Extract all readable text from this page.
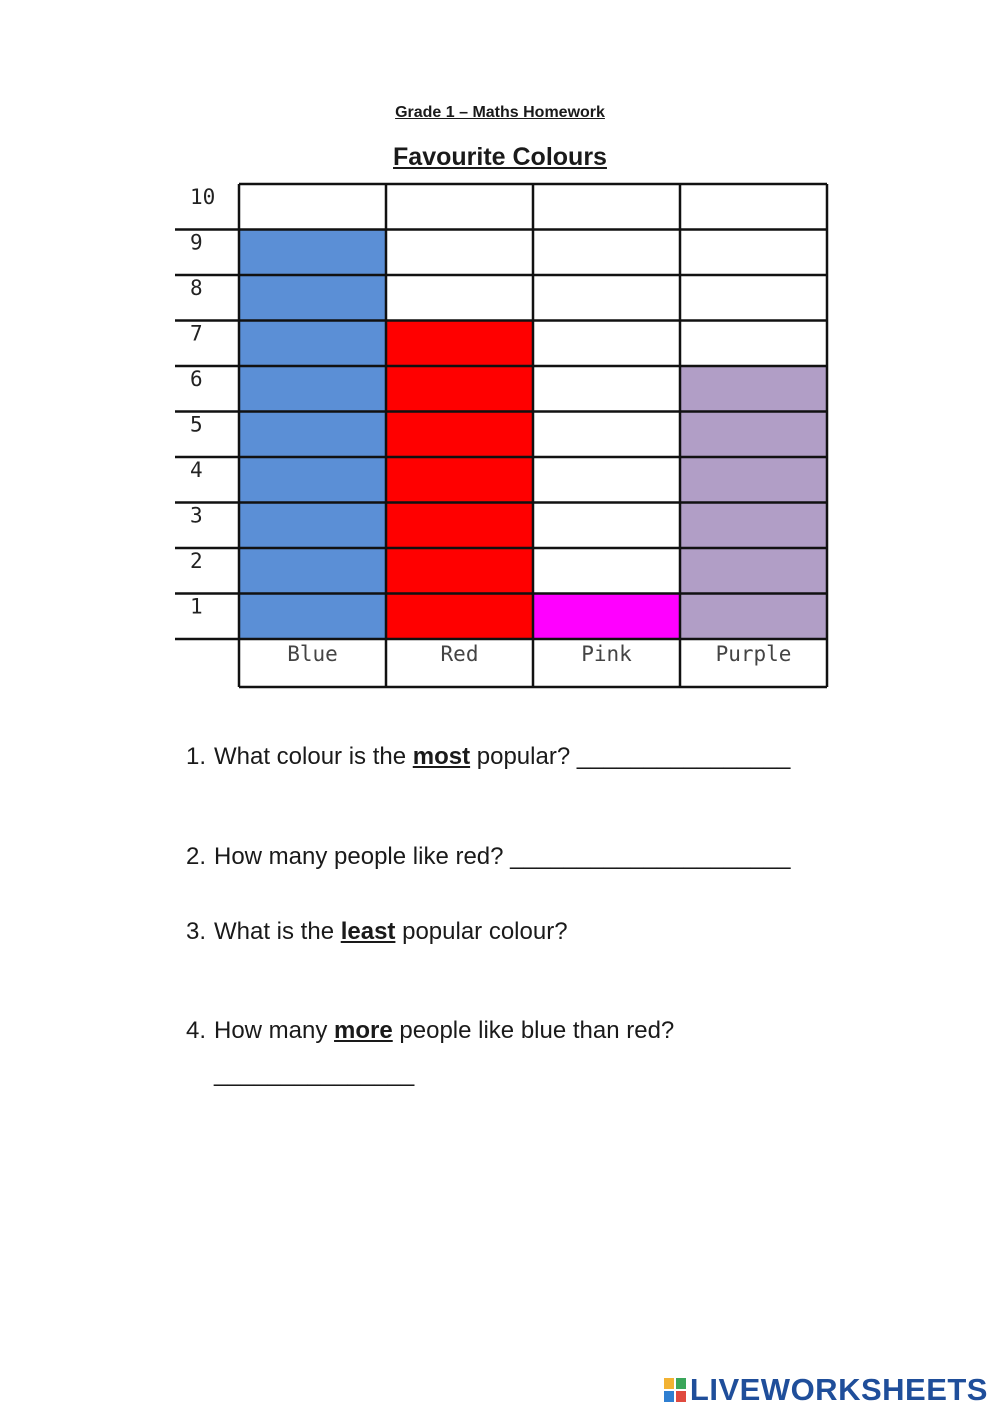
Grade 1 – Maths Homework
Favourite Colours
1
2
3
4
5
6
7
8
9
10
Blue	Red	Pink	Purple
1. What colour is the most popular? ________________
2. How many people like red? _____________________
3. What is the least popular colour?
4. How many more people like blue than red?
_______________
LIVEWORKSHEETS
